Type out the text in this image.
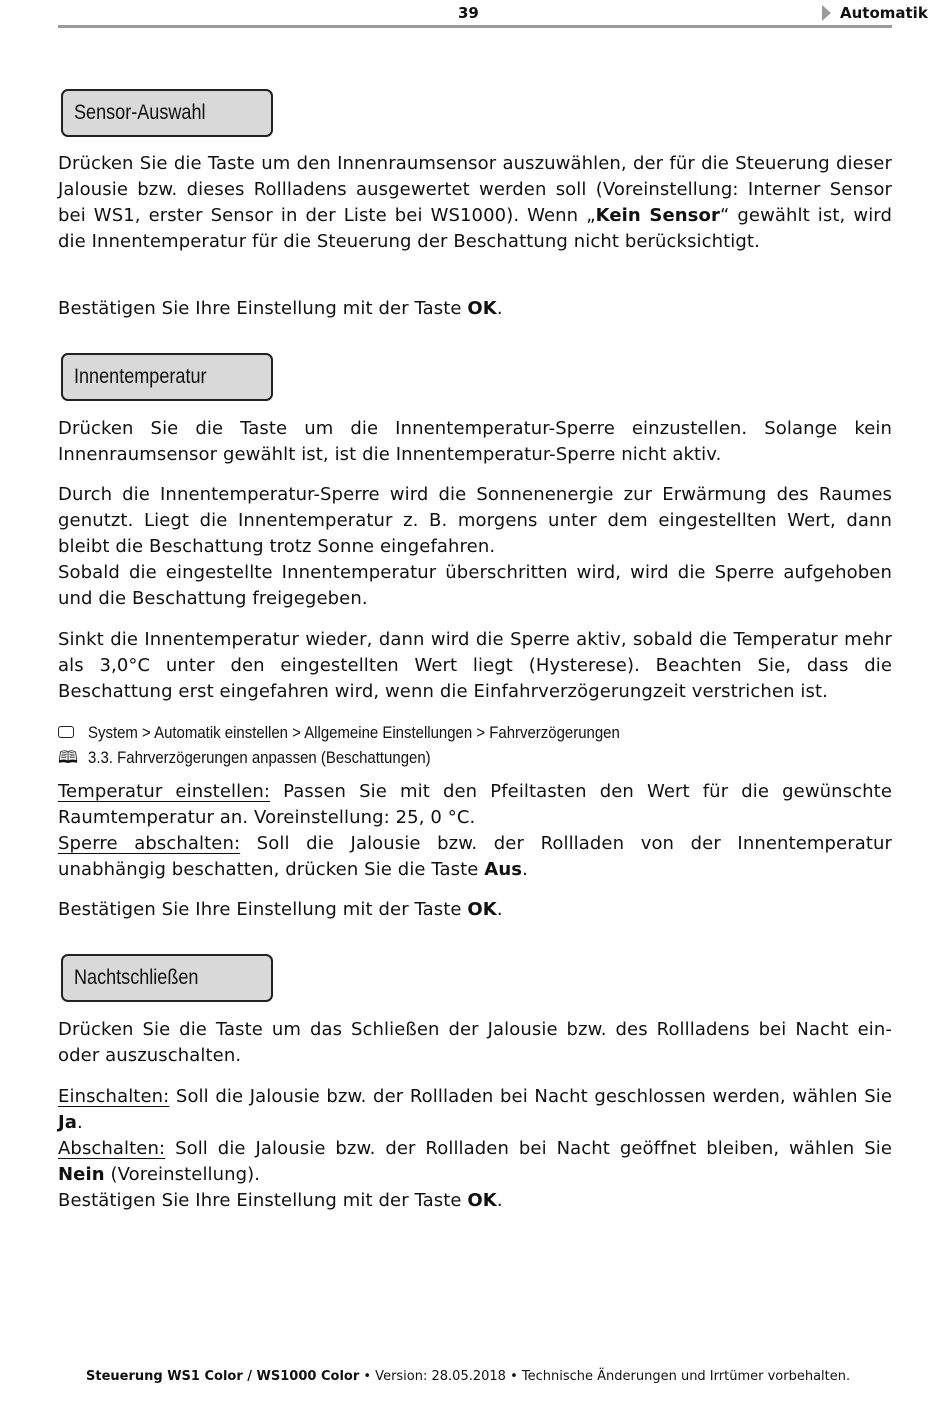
39	Automatik
Sensor-Auswahl

Drücken Sie die Taste um den Innenraumsensor auszuwählen, der für die Steuerung dieser Jalousie bzw. dieses Rollladens ausgewertet werden soll (Voreinstellung: Interner Sensor bei WS1, erster Sensor in der Liste bei WS1000). Wenn „Kein Sensor“ gewählt ist, wird die Innentemperatur für die Steuerung der Beschattung nicht berücksichtigt.

Bestätigen Sie Ihre Einstellung mit der Taste OK.

Innentemperatur

Drücken Sie die Taste um die Innentemperatur-Sperre einzustellen. Solange kein Innenraumsensor gewählt ist, ist die Innentemperatur-Sperre nicht aktiv.

Durch die Innentemperatur-Sperre wird die Sonnenenergie zur Erwärmung des Raumes genutzt. Liegt die Innentemperatur z. B. morgens unter dem eingestellten Wert, dann bleibt die Beschattung trotz Sonne eingefahren.
Sobald die eingestellte Innentemperatur überschritten wird, wird die Sperre aufgehoben und die Beschattung freigegeben.

Sinkt die Innentemperatur wieder, dann wird die Sperre aktiv, sobald die Temperatur mehr als 3,0°C unter den eingestellten Wert liegt (Hysterese). Beachten Sie, dass die Beschattung erst eingefahren wird, wenn die Einfahrverzögerungzeit verstrichen ist.

System > Automatik einstellen > Allgemeine Einstellungen > Fahrverzögerungen
🕮 3.3. Fahrverzögerungen anpassen (Beschattungen)

Temperatur einstellen: Passen Sie mit den Pfeiltasten den Wert für die gewünschte Raumtemperatur an. Voreinstellung: 25, 0 °C.
Sperre abschalten: Soll die Jalousie bzw. der Rollladen von der Innentemperatur unabhängig beschatten, drücken Sie die Taste Aus.

Bestätigen Sie Ihre Einstellung mit der Taste OK.

Nachtschließen

Drücken Sie die Taste um das Schließen der Jalousie bzw. des Rollladens bei Nacht ein- oder auszuschalten.

Einschalten: Soll die Jalousie bzw. der Rollladen bei Nacht geschlossen werden, wählen Sie Ja.
Abschalten: Soll die Jalousie bzw. der Rollladen bei Nacht geöffnet bleiben, wählen Sie Nein (Voreinstellung).
Bestätigen Sie Ihre Einstellung mit der Taste OK.

Steuerung WS1 Color / WS1000 Color • Version: 28.05.2018 • Technische Änderungen und Irrtümer vorbehalten.
